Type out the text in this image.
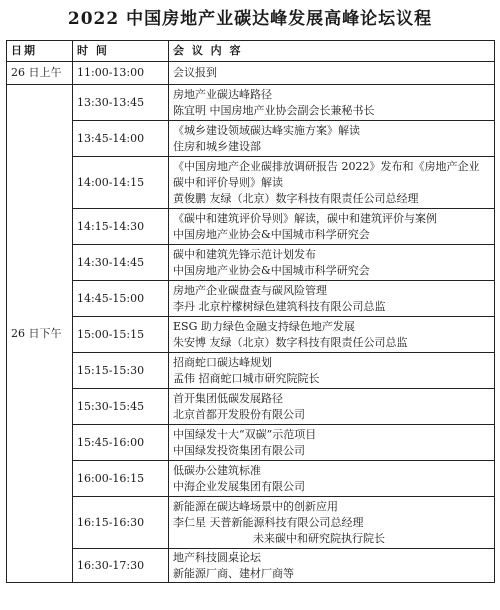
2022 中国房地产业碳达峰发展高峰论坛议程
日期	时 间	会 议 内 容
26 日上午	11:00-13:00	会议报到

26 日下午	13:30-13:45	房地产业碳达峰路径
陈宜明 中国房地产业协会副会长兼秘书长

	13:45-14:00	《城乡建设领域碳达峰实施方案》解读
住房和城乡建设部

	14:00-14:15	《中国房地产企业碳排放调研报告 2022》发布和《房地产企业碳中和评价导则》解读
黄俊鹏 友绿（北京）数字科技有限责任公司总经理

	14:15-14:30	《碳中和建筑评价导则》解读，碳中和建筑评价与案例
中国房地产业协会&中国城市科学研究会

	14:30-14:45	碳中和建筑先锋示范计划发布
中国房地产业协会&中国城市科学研究会

	14:45-15:00	房地产企业碳盘查与碳风险管理
李丹 北京柠檬树绿色建筑科技有限公司总监

	15:00-15:15	ESG 助力绿色金融支持绿色地产发展
朱安博 友绿（北京）数字科技有限责任公司总监

	15:15-15:30	招商蛇口碳达峰规划
孟伟 招商蛇口城市研究院院长

	15:30-15:45	首开集团低碳发展路径
北京首都开发股份有限公司

	15:45-16:00	中国绿发十大“双碳”示范项目
中国绿发投资集团有限公司

	16:00-16:15	低碳办公建筑标准
中海企业发展集团有限公司

	16:15-16:30	新能源在碳达峰场景中的创新应用
李仁星 天普新能源科技有限公司总经理
未来碳中和研究院执行院长

	16:30-17:30	地产科技圆桌论坛
新能源厂商、建材厂商等
